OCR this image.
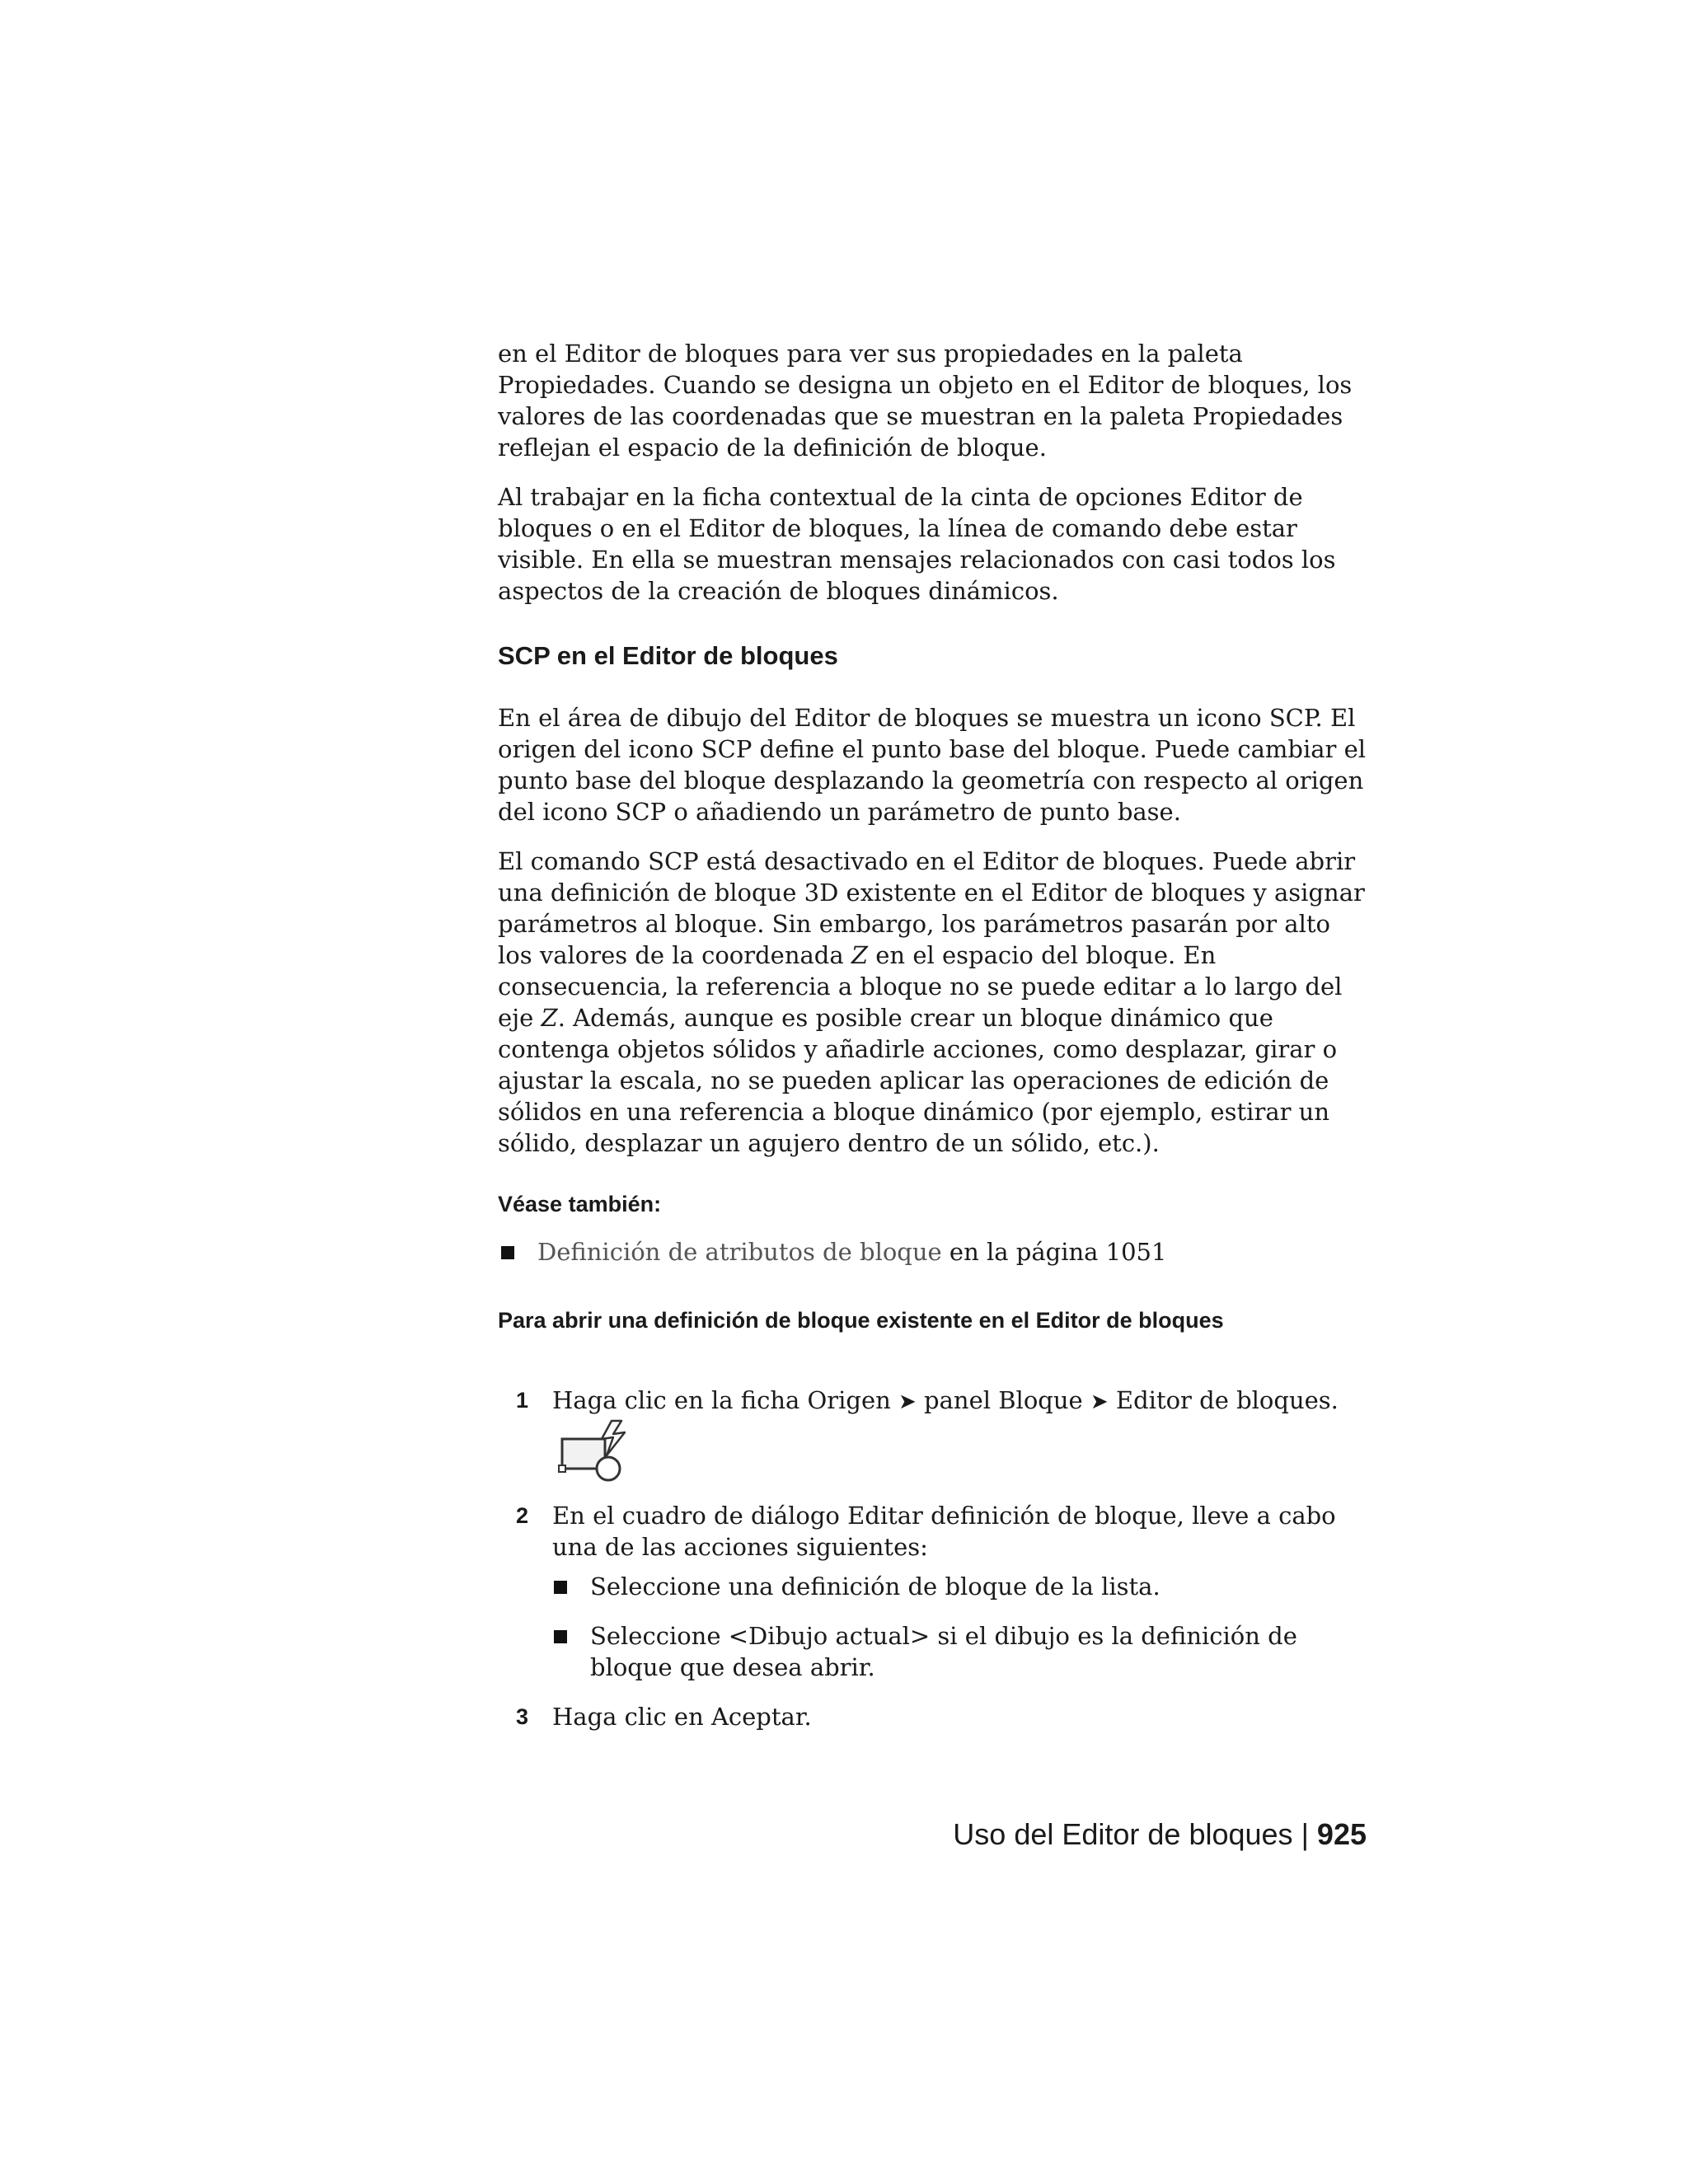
en el Editor de bloques para ver sus propiedades en la paleta Propiedades. Cuando se designa un objeto en el Editor de bloques, los valores de las coordenadas que se muestran en la paleta Propiedades reflejan el espacio de la definición de bloque.

Al trabajar en la ficha contextual de la cinta de opciones Editor de bloques o en el Editor de bloques, la línea de comando debe estar visible. En ella se muestran mensajes relacionados con casi todos los aspectos de la creación de bloques dinámicos.

SCP en el Editor de bloques

En el área de dibujo del Editor de bloques se muestra un icono SCP. El origen del icono SCP define el punto base del bloque. Puede cambiar el punto base del bloque desplazando la geometría con respecto al origen del icono SCP o añadiendo un parámetro de punto base.

El comando SCP está desactivado en el Editor de bloques. Puede abrir una definición de bloque 3D existente en el Editor de bloques y asignar parámetros al bloque. Sin embargo, los parámetros pasarán por alto los valores de la coordenada Z en el espacio del bloque. En consecuencia, la referencia a bloque no se puede editar a lo largo del eje Z. Además, aunque es posible crear un bloque dinámico que contenga objetos sólidos y añadirle acciones, como desplazar, girar o ajustar la escala, no se pueden aplicar las operaciones de edición de sólidos en una referencia a bloque dinámico (por ejemplo, estirar un sólido, desplazar un agujero dentro de un sólido, etc.).

Véase también:
Definición de atributos de bloque en la página 1051
Para abrir una definición de bloque existente en el Editor de bloques
1 Haga clic en la ficha Origen ➤ panel Bloque ➤ Editor de bloques.
2 En el cuadro de diálogo Editar definición de bloque, lleve a cabo una de las acciones siguientes:
Seleccione una definición de bloque de la lista.
Seleccione <Dibujo actual> si el dibujo es la definición de bloque que desea abrir.
3 Haga clic en Aceptar.
Uso del Editor de bloques | 925
